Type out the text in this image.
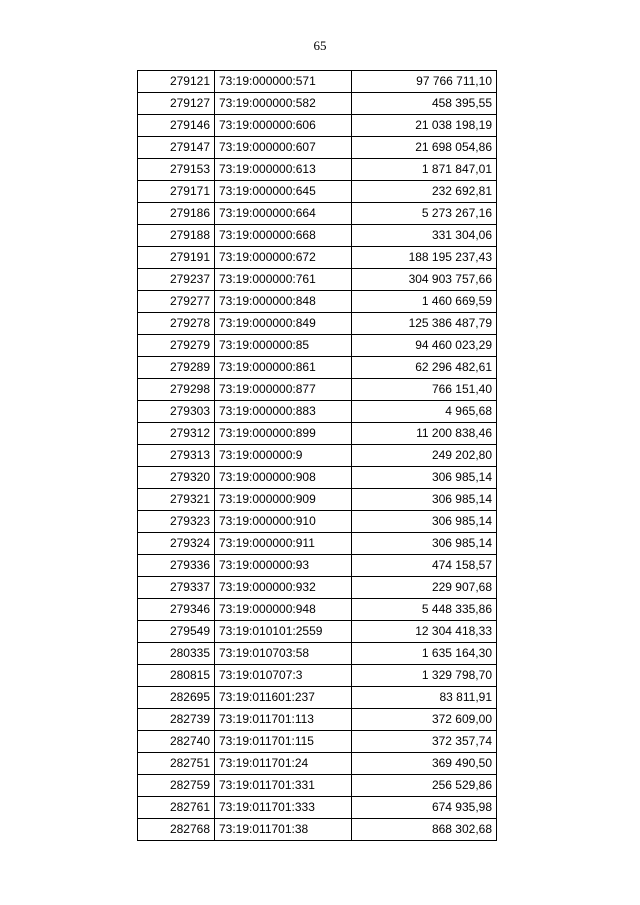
65
279121	73:19:000000:571	97 766 711,10
279127	73:19:000000:582	458 395,55
279146	73:19:000000:606	21 038 198,19
279147	73:19:000000:607	21 698 054,86
279153	73:19:000000:613	1 871 847,01
279171	73:19:000000:645	232 692,81
279186	73:19:000000:664	5 273 267,16
279188	73:19:000000:668	331 304,06
279191	73:19:000000:672	188 195 237,43
279237	73:19:000000:761	304 903 757,66
279277	73:19:000000:848	1 460 669,59
279278	73:19:000000:849	125 386 487,79
279279	73:19:000000:85	94 460 023,29
279289	73:19:000000:861	62 296 482,61
279298	73:19:000000:877	766 151,40
279303	73:19:000000:883	4 965,68
279312	73:19:000000:899	11 200 838,46
279313	73:19:000000:9	249 202,80
279320	73:19:000000:908	306 985,14
279321	73:19:000000:909	306 985,14
279323	73:19:000000:910	306 985,14
279324	73:19:000000:911	306 985,14
279336	73:19:000000:93	474 158,57
279337	73:19:000000:932	229 907,68
279346	73:19:000000:948	5 448 335,86
279549	73:19:010101:2559	12 304 418,33
280335	73:19:010703:58	1 635 164,30
280815	73:19:010707:3	1 329 798,70
282695	73:19:011601:237	83 811,91
282739	73:19:011701:113	372 609,00
282740	73:19:011701:115	372 357,74
282751	73:19:011701:24	369 490,50
282759	73:19:011701:331	256 529,86
282761	73:19:011701:333	674 935,98
282768	73:19:011701:38	868 302,68
